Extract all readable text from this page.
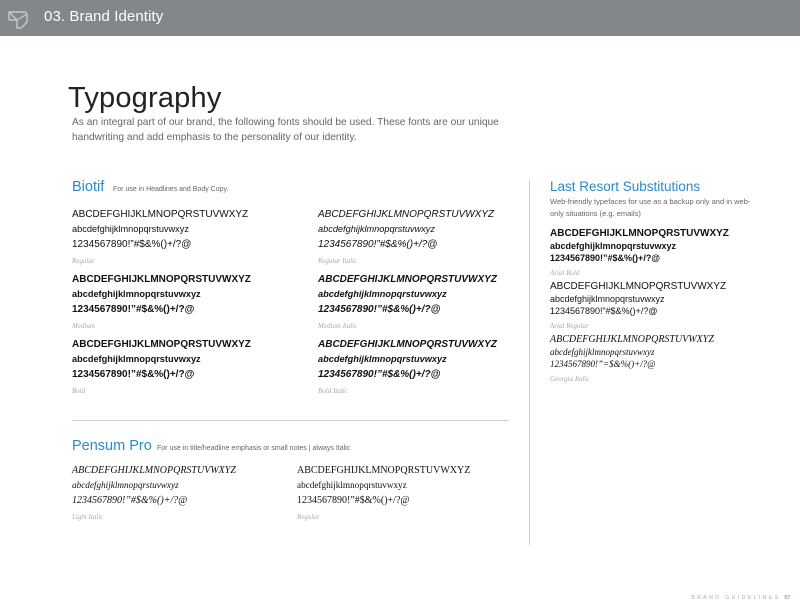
03. Brand Identity
Typography

As an integral part of our brand, the following fonts should be used. These fonts are our unique handwriting and add emphasis to the personality of our identity.

Biotif For use in Headlines and Body Copy.
ABCDEFGHIJKLMNOPQRSTUVWXYZ
abcdefghijklmnopqrstuvwxyz
1234567890!”#$&%()+/?@
Regular
ABCDEFGHIJKLMNOPQRSTUVWXYZ
abcdefghijklmnopqrstuvwxyz
1234567890!”#$&%()+/?@
Regular Italic
ABCDEFGHIJKLMNOPQRSTUVWXYZ
abcdefghijklmnopqrstuvwxyz
1234567890!”#$&%()+/?@
Medium
ABCDEFGHIJKLMNOPQRSTUVWXYZ
abcdefghijklmnopqrstuvwxyz
1234567890!”#$&%()+/?@
Medium Italic
ABCDEFGHIJKLMNOPQRSTUVWXYZ
abcdefghijklmnopqrstuvwxyz
1234567890!”#$&%()+/?@
Bold
ABCDEFGHIJKLMNOPQRSTUVWXYZ
abcdefghijklmnopqrstuvwxyz
1234567890!”#$&%()+/?@
Bold Italic
Pensum Pro For use in title/headline emphasis or small notes | always Italic
ABCDEFGHIJKLMNOPQRSTUVWXYZ
abcdefghijklmnopqrstuvwxyz
1234567890!”#$&%()+/?@
Light Italic
ABCDEFGHIJKLMNOPQRSTUVWXYZ
abcdefghijklmnopqrstuvwxyz
1234567890!”#$&%()+/?@
Regular
Last Resort Substitutions
Web-friendly typefaces for use as a backup only and in web-only situations (e.g. emails)
ABCDEFGHIJKLMNOPQRSTUVWXYZ
abcdefghijklmnopqrstuvwxyz
1234567890!”#$&%()+/?@
Arial Bold
ABCDEFGHIJKLMNOPQRSTUVWXYZ
abcdefghijklmnopqrstuvwxyz
1234567890!”#$&%()+/?@
Arial Regular
ABCDEFGHIJKLMNOPQRSTUVWXYZ
abcdefghijklmnopqrstuvwxyz
1234567890!”=$&%()+/?@
Georgia Italic
BRAND GUIDELINES 07
